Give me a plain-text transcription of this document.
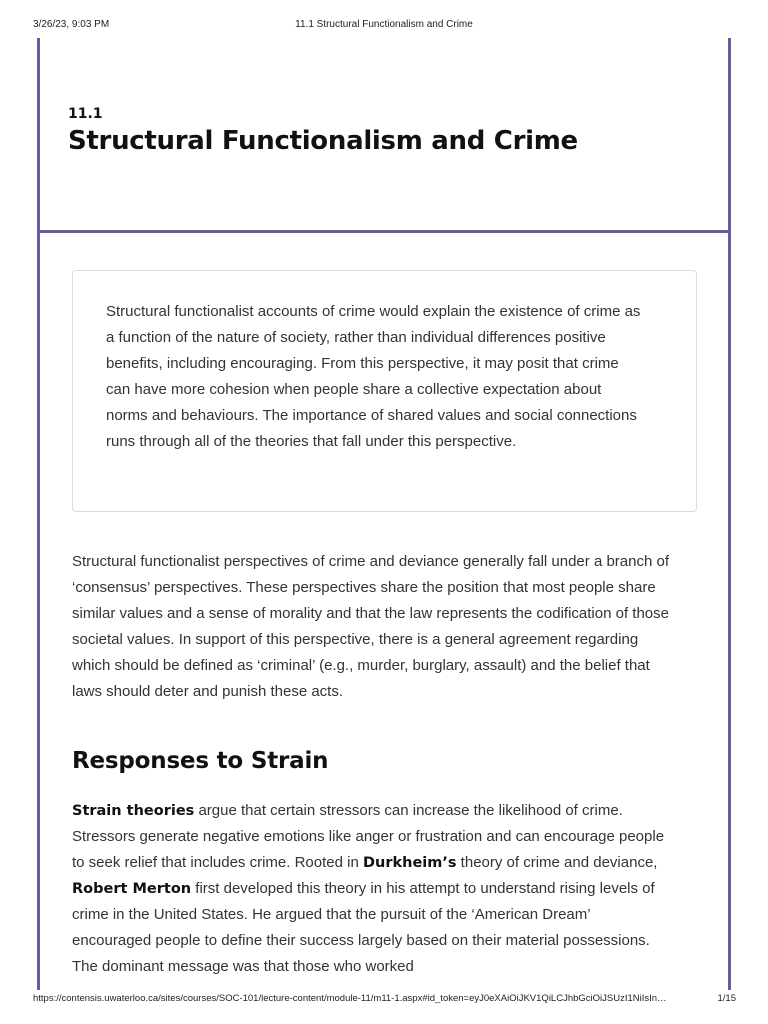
3/26/23, 9:03 PM	11.1 Structural Functionalism and Crime
11.1
Structural Functionalism and Crime
Structural functionalist accounts of crime would explain the existence of crime as a function of the nature of society, rather than individual differences positive benefits, including encouraging. From this perspective, it may posit that crime can have more cohesion when people share a collective expectation about norms and behaviours. The importance of shared values and social connections runs through all of the theories that fall under this perspective.
Structural functionalist perspectives of crime and deviance generally fall under a branch of ‘consensus’ perspectives. These perspectives share the position that most people share similar values and a sense of morality and that the law represents the codification of those societal values. In support of this perspective, there is a general agreement regarding which should be defined as ‘criminal’ (e.g., murder, burglary, assault) and the belief that laws should deter and punish these acts.
Responses to Strain
Strain theories argue that certain stressors can increase the likelihood of crime. Stressors generate negative emotions like anger or frustration and can encourage people to seek relief that includes crime. Rooted in Durkheim’s theory of crime and deviance, Robert Merton first developed this theory in his attempt to understand rising levels of crime in the United States. He argued that the pursuit of the ‘American Dream’ encouraged people to define their success largely based on their material possessions. The dominant message was that those who worked
https://contensis.uwaterloo.ca/sites/courses/SOC-101/lecture-content/module-11/m11-1.aspx#id_token=eyJ0eXAiOiJKV1QiLCJhbGciOiJSUzI1NiIsIn…	1/15
